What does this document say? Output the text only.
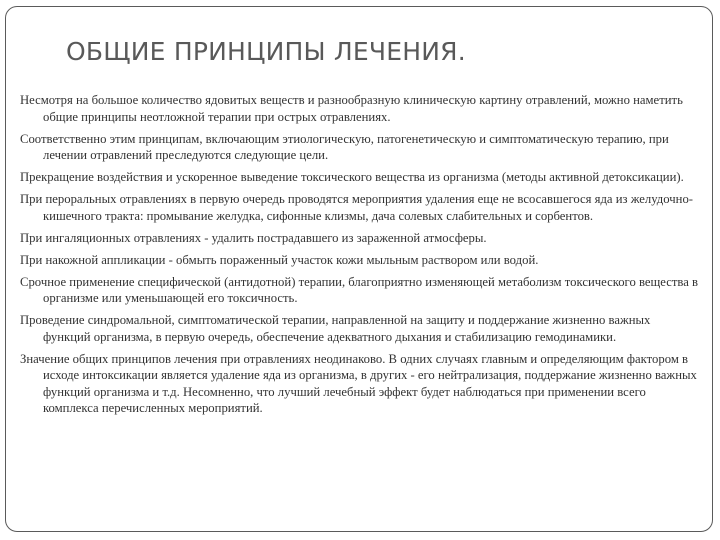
ОБЩИЕ ПРИНЦИПЫ ЛЕЧЕНИЯ.
Несмотря на большое количество ядовитых веществ и разнообразную клиническую картину отравлений, можно наметить общие принципы неотложной терапии при острых отравлениях.
Соответственно этим принципам, включающим этиологическую, патогенетическую и симптоматическую терапию, при лечении отравлений преследуются следующие цели.
Прекращение воздействия и ускоренное выведение токсического вещества из организма (методы активной детоксикации).
При пероральных отравлениях в первую очередь проводятся мероприятия удаления еще не всосавшегося яда из желудочно-кишечного тракта: промывание желудка, сифонные клизмы, дача солевых слабительных и сорбентов.
При ингаляционных отравлениях - удалить пострадавшего из зараженной атмосферы.
При накожной аппликации - обмыть пораженный участок кожи мыльным раствором или водой.
Срочное применение специфической (антидотной) терапии, благоприятно изменяющей метаболизм токсического вещества в организме или уменьшающей его токсичность.
Проведение синдромальной, симптоматической терапии, направленной на защиту и поддержание жизненно важных функций организма, в первую очередь, обеспечение адекватного дыхания и стабилизацию гемодинамики.
Значение общих принципов лечения при отравлениях неодинаково. В одних случаях главным и определяющим фактором в исходе интоксикации является удаление яда из организма, в других - его нейтрализация, поддержание жизненно важных функций организма и т.д. Несомненно, что лучший лечебный эффект будет наблюдаться при применении всего комплекса перечисленных мероприятий.
